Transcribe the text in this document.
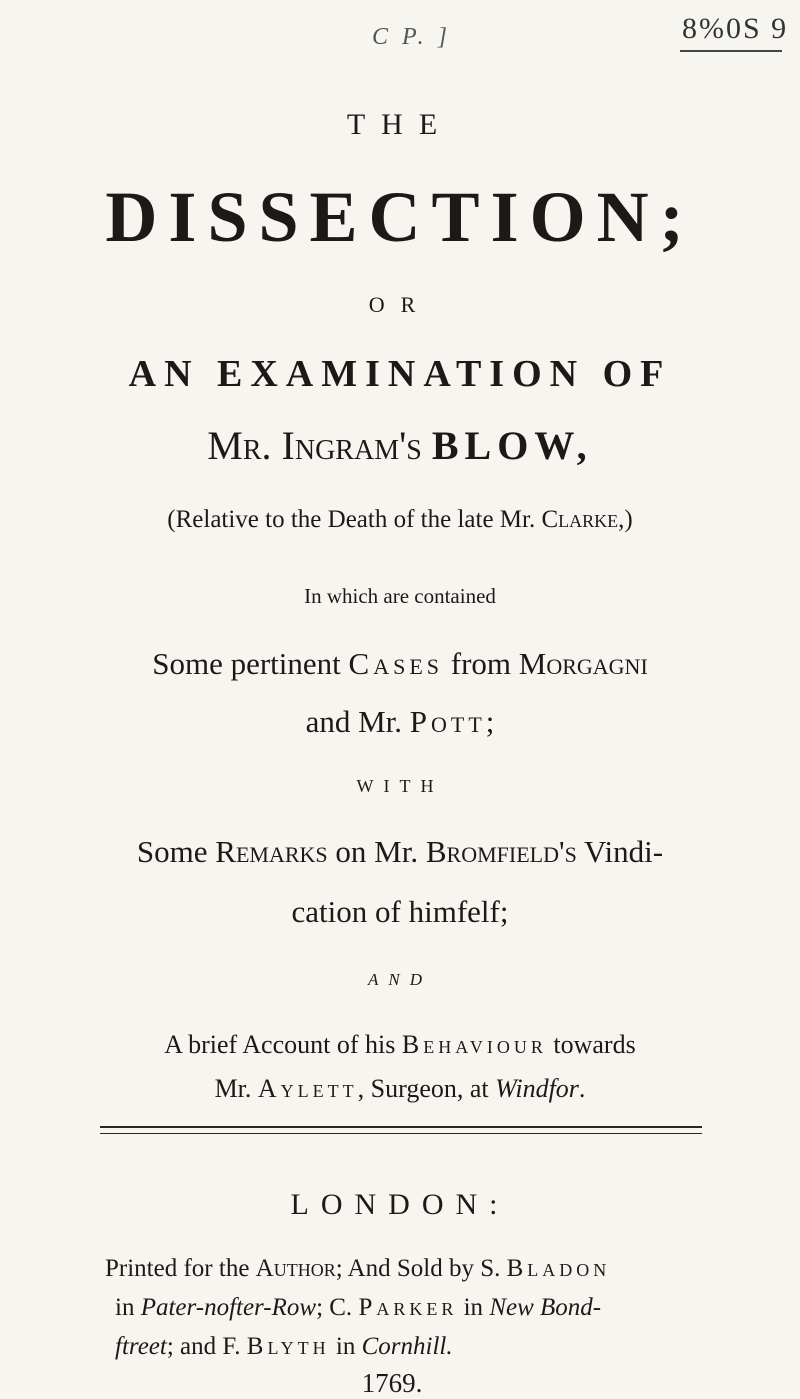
C P. ]	8%0S 9
THE
DISSECTION;
OR
AN EXAMINATION OF
Mr. Ingram's BLOW,
(Relative to the Death of the late Mr. Clarke,)
In which are contained
Some pertinent Cases from Morgagni
and Mr. Pott;
WITH
Some Remarks on Mr. Bromfield's Vindi-
cation of himfelf;
AND
A brief Account of his Behaviour towards
Mr. Aylett, Surgeon, at Windfor.
LONDON:
Printed for the Author; And Sold by S. Bladon
in Pater-nofter-Row; C. Parker in New Bond-
ftreet; and F. Blyth in Cornhill.
1769.
